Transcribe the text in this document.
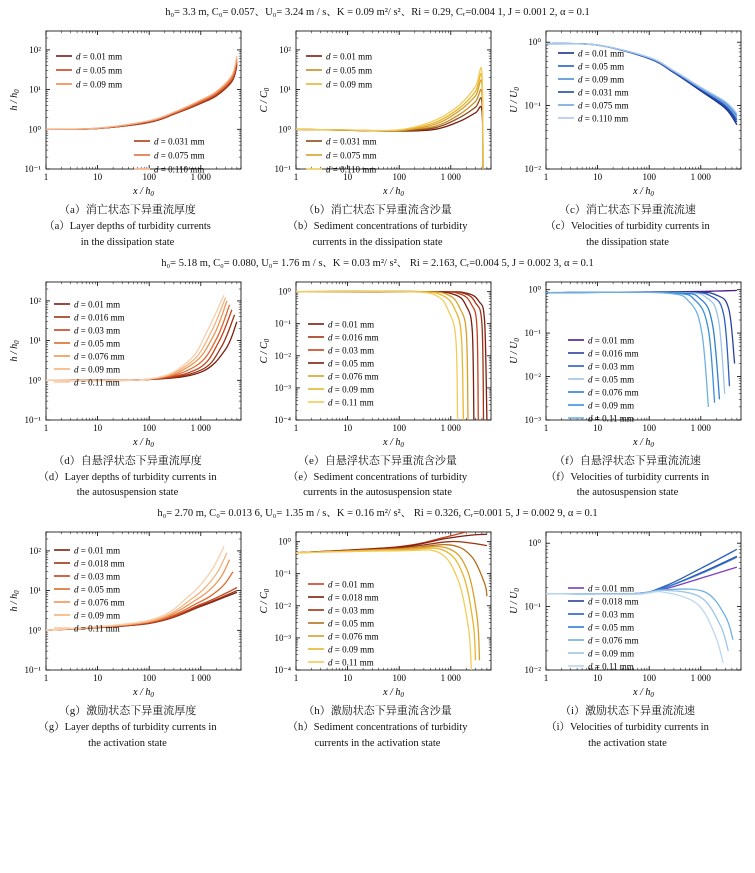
h₀= 3.3 m, C₀= 0.057、U₀= 3.24 m / s、K = 0.09 m²/ s²、Ri = 0.29, Cᵣ=0.004 1, J = 0.001 2, α = 0.1
1	10	100	1 000
10⁻¹
10⁰
10¹
10²
h / $h_0$
x / $h_0$
d = 0.01 mm
d = 0.05 mm
d = 0.09 mm
d = 0.031 mm
d = 0.075 mm
d = 0.110 mm
1	10	100	1 000
10⁻¹
10⁰
10¹
10²
C / $C_0$
x / $h_0$
d = 0.01 mm
d = 0.05 mm
d = 0.09 mm
d = 0.031 mm
d = 0.075 mm
d = 0.110 mm
1	10	100	1 000
10⁻²
10⁻¹
10⁰
U / $U_0$
x / $h_0$
d = 0.01 mm
d = 0.05 mm
d = 0.09 mm
d = 0.031 mm
d = 0.075 mm
d = 0.110 mm
（a）消亡状态下异重流厚度
（a）Layer depths of turbidity currents
in the dissipation state
（b）消亡状态下异重流含沙量
（b）Sediment concentrations of turbidity
currents in the dissipation state
（c）消亡状态下异重流流速
（c）Velocities of turbidity currents in
the dissipation state
h₀= 5.18 m, C₀= 0.080, U₀= 1.76 m / s、K = 0.03 m²/ s²、 Ri = 2.163, Cᵣ=0.004 5, J = 0.002 3, α = 0.1
1	10	100	1 000
10⁻¹
10⁰
10¹
10²
h / $h_0$
x / $h_0$
d = 0.01 mm
d = 0.016 mm
d = 0.03 mm
d = 0.05 mm
d = 0.076 mm
d = 0.09 mm
d = 0.11 mm
1	10	100	1 000
10⁻⁴
10⁻³
10⁻²
10⁻¹
10⁰
C / $C_0$
x / $h_0$
d = 0.01 mm
d = 0.016 mm
d = 0.03 mm
d = 0.05 mm
d = 0.076 mm
d = 0.09 mm
d = 0.11 mm
1	10	100	1 000
10⁻³
10⁻²
10⁻¹
10⁰
U / $U_0$
x / $h_0$
d = 0.01 mm
d = 0.016 mm
d = 0.03 mm
d = 0.05 mm
d = 0.076 mm
d = 0.09 mm
d = 0.11 mm
（d）自悬浮状态下异重流厚度
（d）Layer depths of turbidity currents in
the autosuspension state
（e）自悬浮状态下异重流含沙量
（e）Sediment concentrations of turbidity
currents in the autosuspension state
（f）自悬浮状态下异重流流速
（f）Velocities of turbidity currents in
the autosuspension state
h₀= 2.70 m, C₀= 0.013 6, U₀= 1.35 m / s、K = 0.16 m²/ s²、 Ri = 0.326, Cᵣ=0.001 5, J = 0.002 9, α = 0.1
1	10	100	1 000
10⁻¹
10⁰
10¹
10²
h / $h_0$
x / $h_0$
d = 0.01 mm
d = 0.018 mm
d = 0.03 mm
d = 0.05 mm
d = 0.076 mm
d = 0.09 mm
d = 0.11 mm
1	10	100	1 000
10⁻⁴
10⁻³
10⁻²
10⁻¹
10⁰
C / $C_0$
x / $h_0$
d = 0.01 mm
d = 0.018 mm
d = 0.03 mm
d = 0.05 mm
d = 0.076 mm
d = 0.09 mm
d = 0.11 mm
1	10	100	1 000
10⁻²
10⁻¹
10⁰
U / $U_0$
x / $h_0$
d = 0.01 mm
d = 0.018 mm
d = 0.03 mm
d = 0.05 mm
d = 0.076 mm
d = 0.09 mm
d = 0.11 mm
（g）激励状态下异重流厚度
（g）Layer depths of turbidity currents in
the activation state
（h）激励状态下异重流含沙量
（h）Sediment concentrations of turbidity
currents in the activation state
（i）激励状态下异重流流速
（i）Velocities of turbidity currents in
the activation state
